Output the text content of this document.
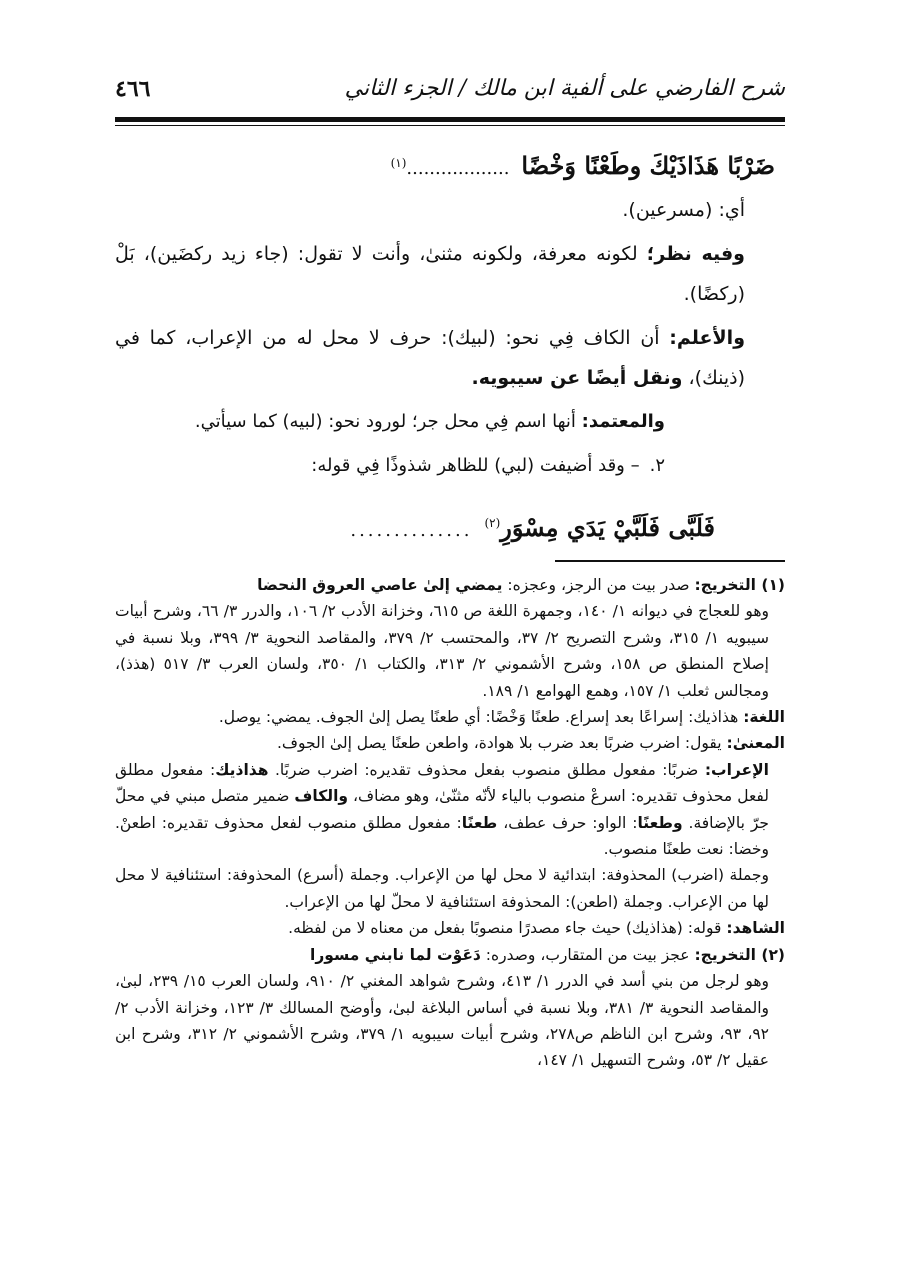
شرح الفارضي على ألفية ابن مالك / الجزء الثاني
٤٦٦
ضَرْبًا هَذَاذَيْكَ وطَعْنًا وَخْضًا
..................$^{(١)}$

أي: (مسرعين).

وفيه نظر؛ لكونه معرفة، ولكونه مثنىٰ، وأنت لا تقول: (جاء زيد ركضَين)، بَلْ (ركضًا).

والأعلم: أن الكاف فِي نحو: (لبيك): حرف لا محل له من الإعراب، كما في (ذينك)، ونقل أيضًا عن سيبويه.

والمعتمد: أنها اسم فِي محل جر؛ لورود نحو: (لبيه) كما سيأتي.

٢.– وقد أضيفت (لبي) للظاهر شذوذًا فِي قوله:

فَلَبَّى فَلَبَّيْ يَدَي مِسْوَرِ$^{(٢)}$
..............

(١) التخريج: صدر بيت من الرجز، وعجزه: يمضي إلىٰ عاصي العروق النحضا

وهو للعجاج في ديوانه ١/ ١٤٠، وجمهرة اللغة ص ٦١٥، وخزانة الأدب ٢/ ١٠٦، والدرر ٣/ ٦٦، وشرح أبيات سيبويه ١/ ٣١٥، وشرح التصريح ٢/ ٣٧، والمحتسب ٢/ ٣٧٩، والمقاصد النحوية ٣/ ٣٩٩، وبلا نسبة في إصلاح المنطق ص ١٥٨، وشرح الأشموني ٢/ ٣١٣، والكتاب ١/ ٣٥٠، ولسان العرب ٣/ ٥١٧ (هذذ)، ومجالس ثعلب ١/ ١٥٧، وهمع الهوامع ١/ ١٨٩.

اللغة: هذاذيك: إسراعًا بعد إسراع. طعنًا وَخْضًا: أي طعنًا يصل إلىٰ الجوف. يمضي: يوصل.

المعنىٰ: يقول: اضرب ضربًا بعد ضرب بلا هوادة، واطعن طعنًا يصل إلىٰ الجوف.

الإعراب: ضربًا: مفعول مطلق منصوب بفعل محذوف تقديره: اضرب ضربًا. هذاذيك: مفعول مطلق لفعل محذوف تقديره: اسرعْ منصوب بالياء لأنّه مثنّىٰ، وهو مضاف، والكاف ضمير متصل مبني في محلّ جرّ بالإضافة. وطعنًا: الواو: حرف عطف، طعنًا: مفعول مطلق منصوب لفعل محذوف تقديره: اطعنْ. وخضا: نعت طعنًا منصوب.

وجملة (اضرب) المحذوفة: ابتدائية لا محل لها من الإعراب. وجملة (أسرع) المحذوفة: استئنافية لا محل لها من الإعراب. وجملة (اطعن): المحذوفة استئنافية لا محلّ لها من الإعراب.

الشاهد: قوله: (هذاذيك) حيث جاء مصدرًا منصوبًا بفعل من معناه لا من لفظه.

(٢) التخريج: عجز بيت من المتقارب، وصدره: دَعَوْت لما نابني مسورا

وهو لرجل من بني أسد في الدرر ١/ ٤١٣، وشرح شواهد المغني ٢/ ٩١٠، ولسان العرب ١٥/ ٢٣٩، لبىٰ، والمقاصد النحوية ٣/ ٣٨١، وبلا نسبة في أساس البلاغة لبىٰ، وأوضح المسالك ٣/ ١٢٣، وخزانة الأدب ٢/ ٩٢، ٩٣، وشرح ابن الناظم ص٢٧٨، وشرح أبيات سيبويه ١/ ٣٧٩، وشرح الأشموني ٢/ ٣١٢، وشرح ابن عقيل ٢/ ٥٣، وشرح التسهيل ١/ ١٤٧،
